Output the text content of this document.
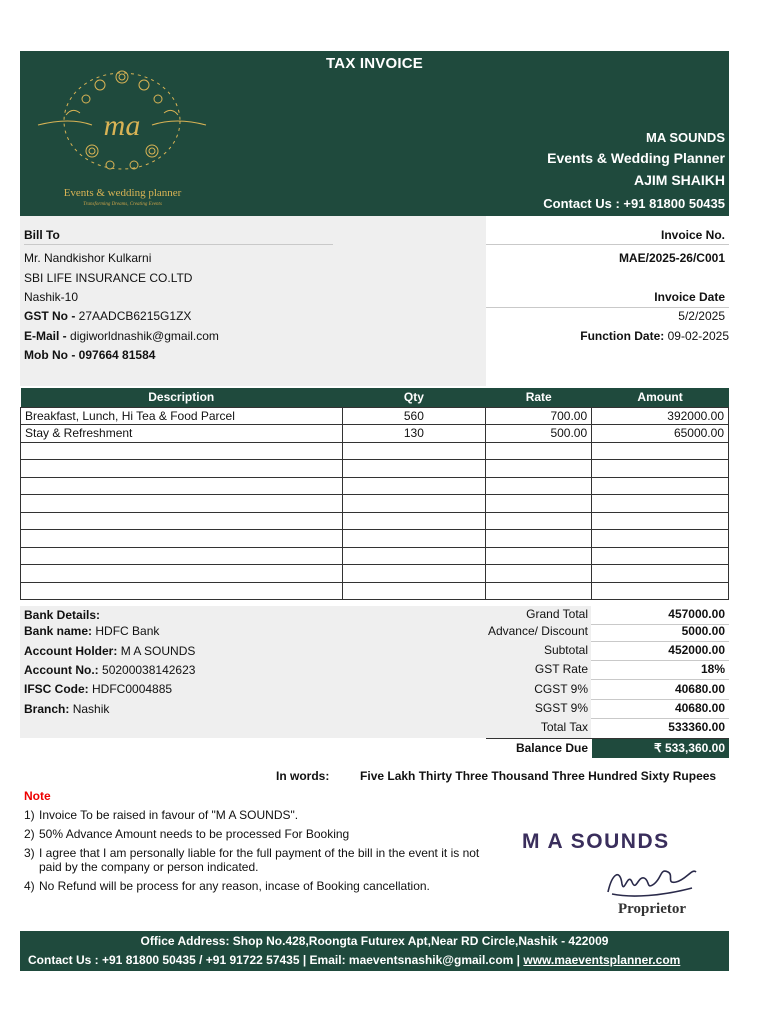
TAX INVOICE
ma
Events & wedding planner
Transforming Dreams, Creating Events
MA SOUNDS
Events & Wedding Planner
AJIM SHAIKH
Contact Us : +91 81800 50435
Bill To
Mr. Nandkishor Kulkarni
SBI LIFE INSURANCE CO.LTD
Nashik-10
GST No - 27AADCB6215G1ZX
E-Mail - digiworldnashik@gmail.com
Mob No - 097664 81584
Invoice No.
MAE/2025-26/C001
Invoice Date
5/2/2025
Function Date: 09-02-2025
Description	Qty	Rate	Amount
Breakfast, Lunch, Hi Tea & Food Parcel	560	700.00	392000.00
Stay & Refreshment	130	500.00	65000.00

Bank Details:
Bank name: HDFC Bank
Account Holder: M A SOUNDS
Account No.: 50200038142623
IFSC Code: HDFC0004885
Branch: Nashik
Grand Total	457000.00
Advance/ Discount	5000.00
Subtotal	452000.00
GST Rate	18%
CGST 9%	40680.00
SGST 9%	40680.00
Total Tax	533360.00
Balance Due	₹ 533,360.00
In words:	Five Lakh Thirty Three Thousand Three Hundred Sixty Rupees
Note
1) Invoice To be raised in favour of "M A SOUNDS".
2) 50% Advance Amount needs to be processed For Booking
3) I agree that I am personally liable for the full payment of the bill in the event it is not paid by the company or person indicated.
4) No Refund will be process for any reason, incase of Booking cancellation.
M A SOUNDS
Proprietor
Office Address: Shop No.428,Roongta Futurex Apt,Near RD Circle,Nashik - 422009
Contact Us : +91 81800 50435 / +91 91722 57435 | Email: maeventsnashik@gmail.com | www.maeventsplanner.com
